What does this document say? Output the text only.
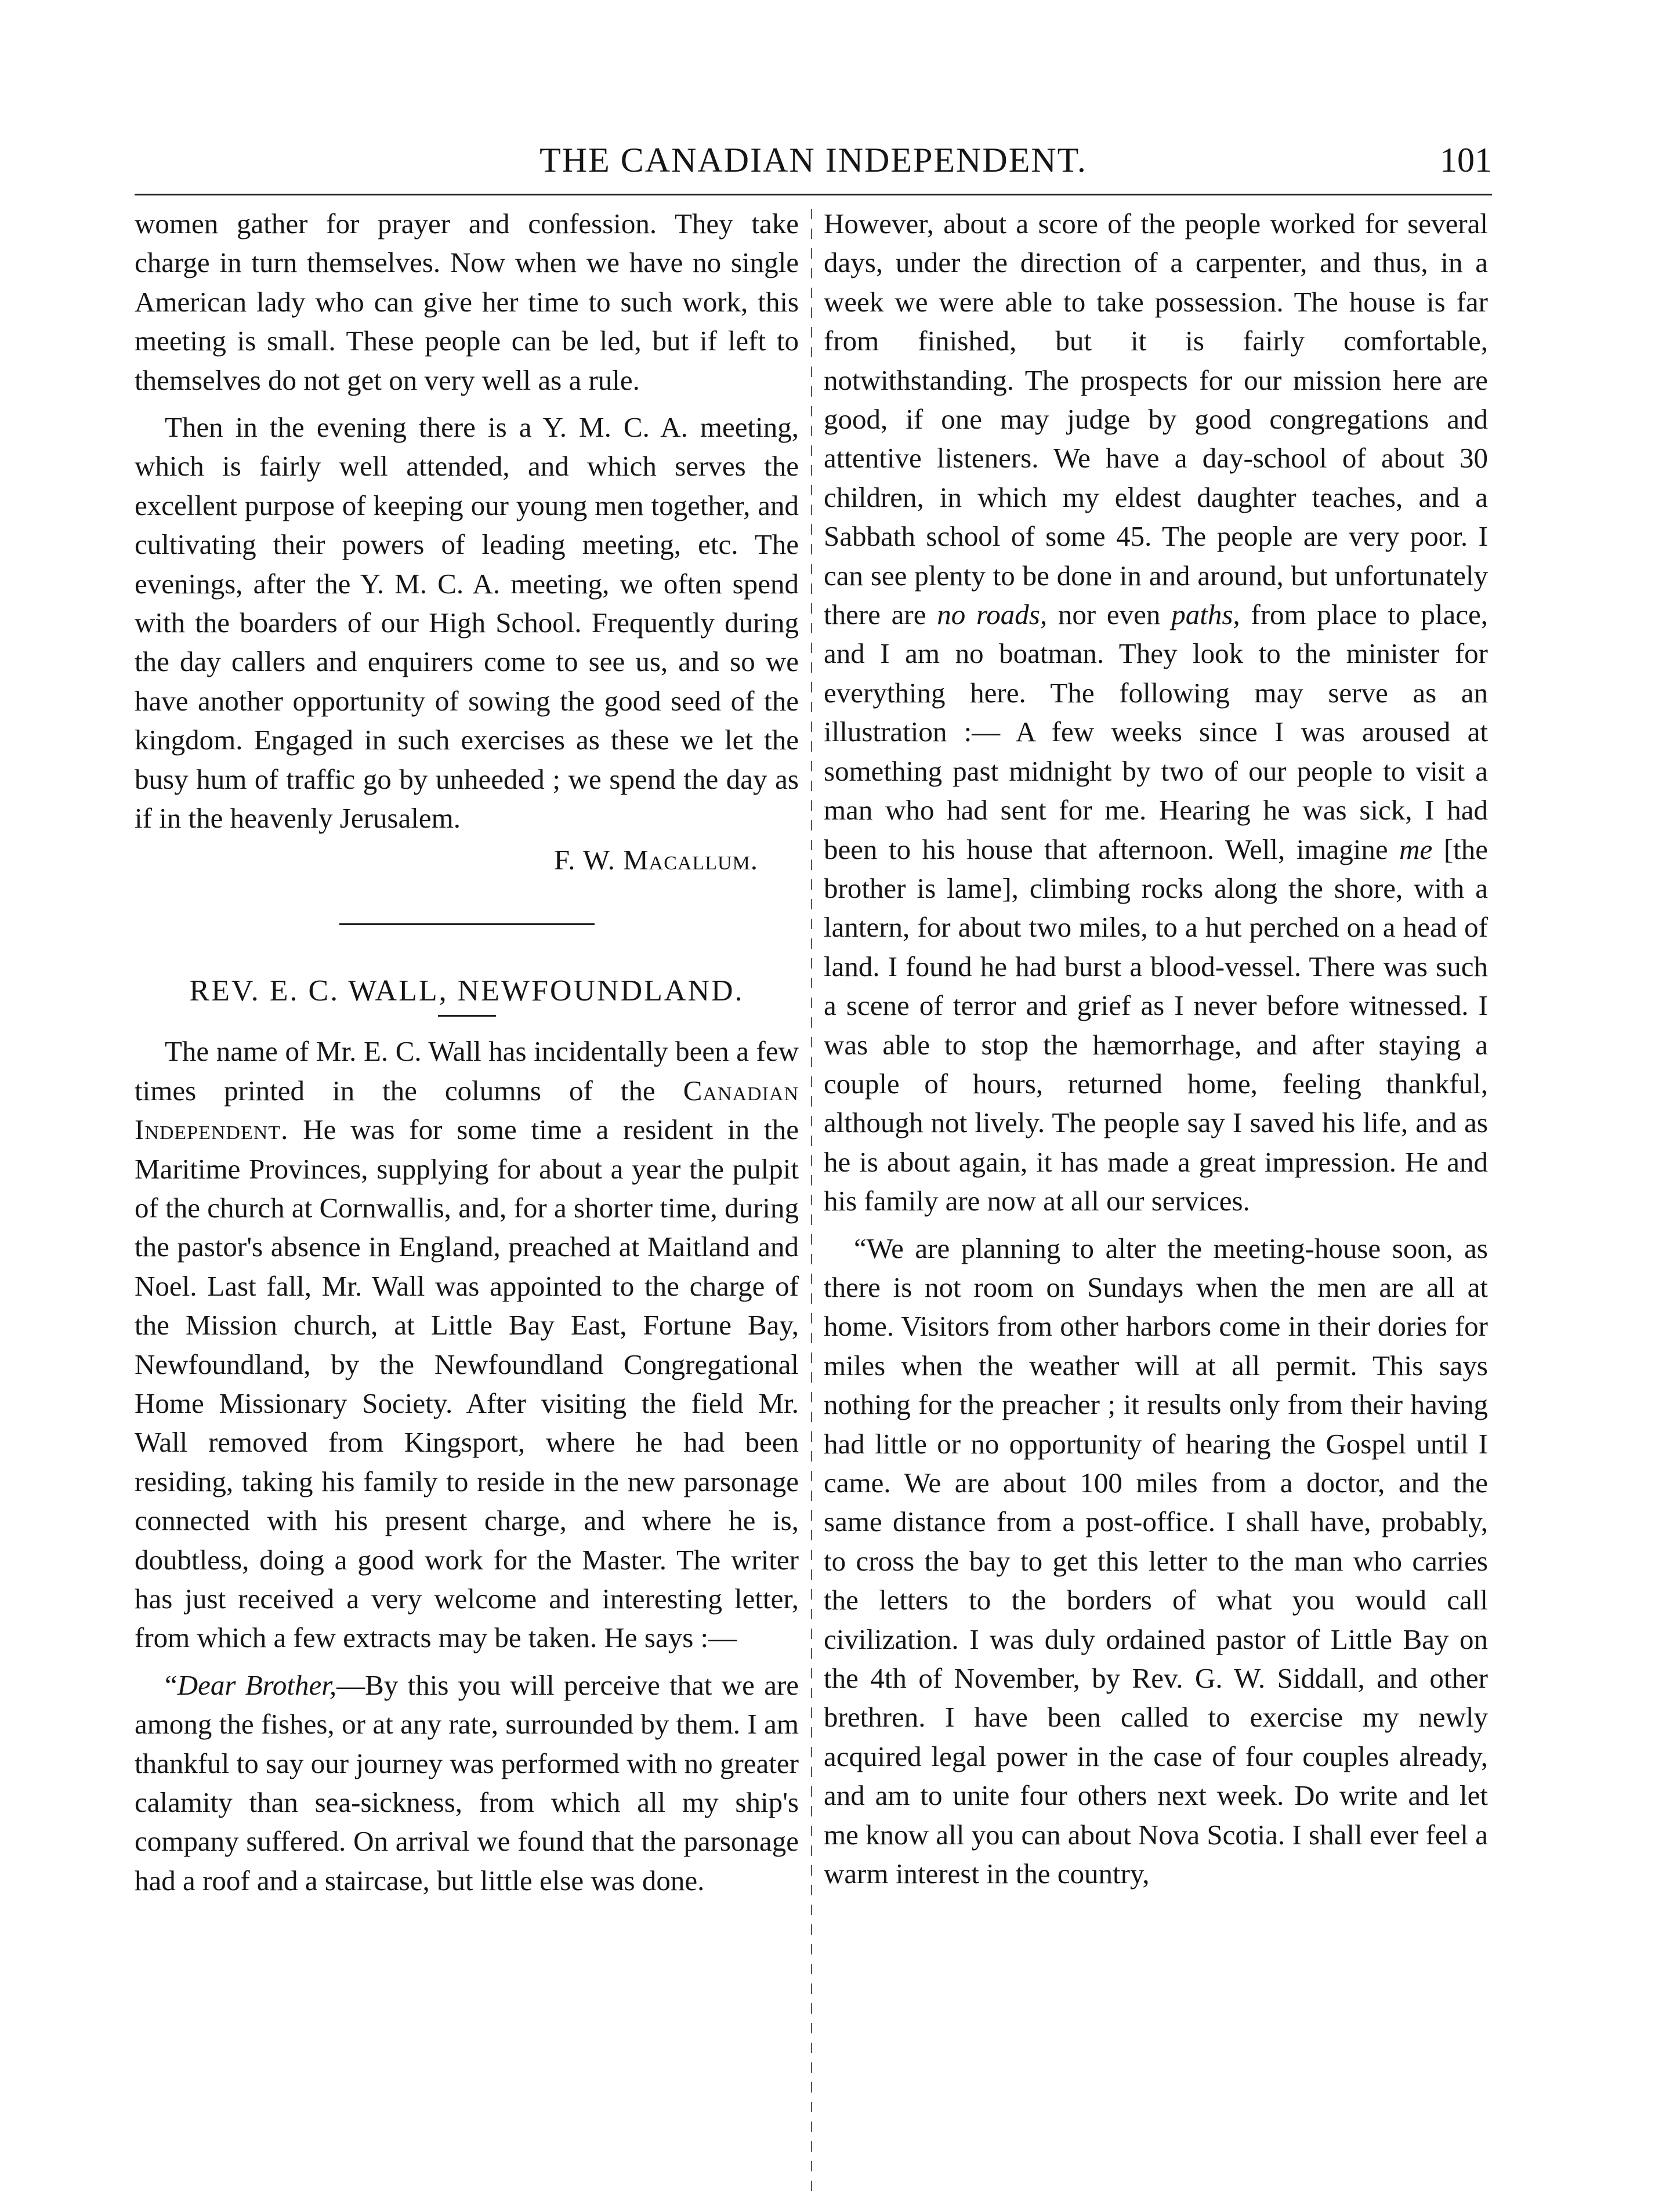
THE CANADIAN INDEPENDENT.	101

women gather for prayer and confession. They take charge in turn themselves. Now when we have no single American lady who can give her time to such work, this meeting is small. These people can be led, but if left to themselves do not get on very well as a rule.

Then in the evening there is a Y. M. C. A. meeting, which is fairly well attended, and which serves the excellent purpose of keeping our young men together, and cultivating their powers of leading meeting, etc. The evenings, after the Y. M. C. A. meeting, we often spend with the boarders of our High School. Frequently during the day callers and enquirers come to see us, and so we have another opportunity of sowing the good seed of the kingdom. Engaged in such exercises as these we let the busy hum of traffic go by unheeded ; we spend the day as if in the heavenly Jerusalem.

F. W. Macallum.
REV. E. C. WALL, NEWFOUNDLAND.

The name of Mr. E. C. Wall has incidentally been a few times printed in the columns of the Canadian Independent. He was for some time a resident in the Maritime Provinces, supplying for about a year the pulpit of the church at Cornwallis, and, for a shorter time, during the pastor's absence in England, preached at Maitland and Noel. Last fall, Mr. Wall was appointed to the charge of the Mission church, at Little Bay East, Fortune Bay, Newfoundland, by the Newfoundland Congregational Home Missionary Society. After visiting the field Mr. Wall removed from Kingsport, where he had been residing, taking his family to reside in the new parsonage connected with his present charge, and where he is, doubtless, doing a good work for the Master. The writer has just received a very welcome and interesting letter, from which a few extracts may be taken. He says :—

“Dear Brother,—By this you will perceive that we are among the fishes, or at any rate, surrounded by them. I am thankful to say our journey was performed with no greater calamity than sea-sickness, from which all my ship's company suffered. On arrival we found that the parsonage had a roof and a staircase, but little else was done.

However, about a score of the people worked for several days, under the direction of a carpenter, and thus, in a week we were able to take possession. The house is far from finished, but it is fairly comfortable, notwithstanding. The prospects for our mission here are good, if one may judge by good congregations and attentive listeners. We have a day-school of about 30 children, in which my eldest daughter teaches, and a Sabbath school of some 45. The people are very poor. I can see plenty to be done in and around, but unfortunately there are no roads, nor even paths, from place to place, and I am no boatman. They look to the minister for everything here. The following may serve as an illustration :— A few weeks since I was aroused at something past midnight by two of our people to visit a man who had sent for me. Hearing he was sick, I had been to his house that afternoon. Well, imagine me [the brother is lame], climbing rocks along the shore, with a lantern, for about two miles, to a hut perched on a head of land. I found he had burst a blood-vessel. There was such a scene of terror and grief as I never before witnessed. I was able to stop the hæmorrhage, and after staying a couple of hours, returned home, feeling thankful, although not lively. The people say I saved his life, and as he is about again, it has made a great impression. He and his family are now at all our services.

“We are planning to alter the meeting-house soon, as there is not room on Sundays when the men are all at home. Visitors from other harbors come in their dories for miles when the weather will at all permit. This says nothing for the preacher ; it results only from their having had little or no opportunity of hearing the Gospel until I came. We are about 100 miles from a doctor, and the same distance from a post-office. I shall have, probably, to cross the bay to get this letter to the man who carries the letters to the borders of what you would call civilization. I was duly ordained pastor of Little Bay on the 4th of November, by Rev. G. W. Siddall, and other brethren. I have been called to exercise my newly acquired legal power in the case of four couples already, and am to unite four others next week. Do write and let me know all you can about Nova Scotia. I shall ever feel a warm interest in the country,
